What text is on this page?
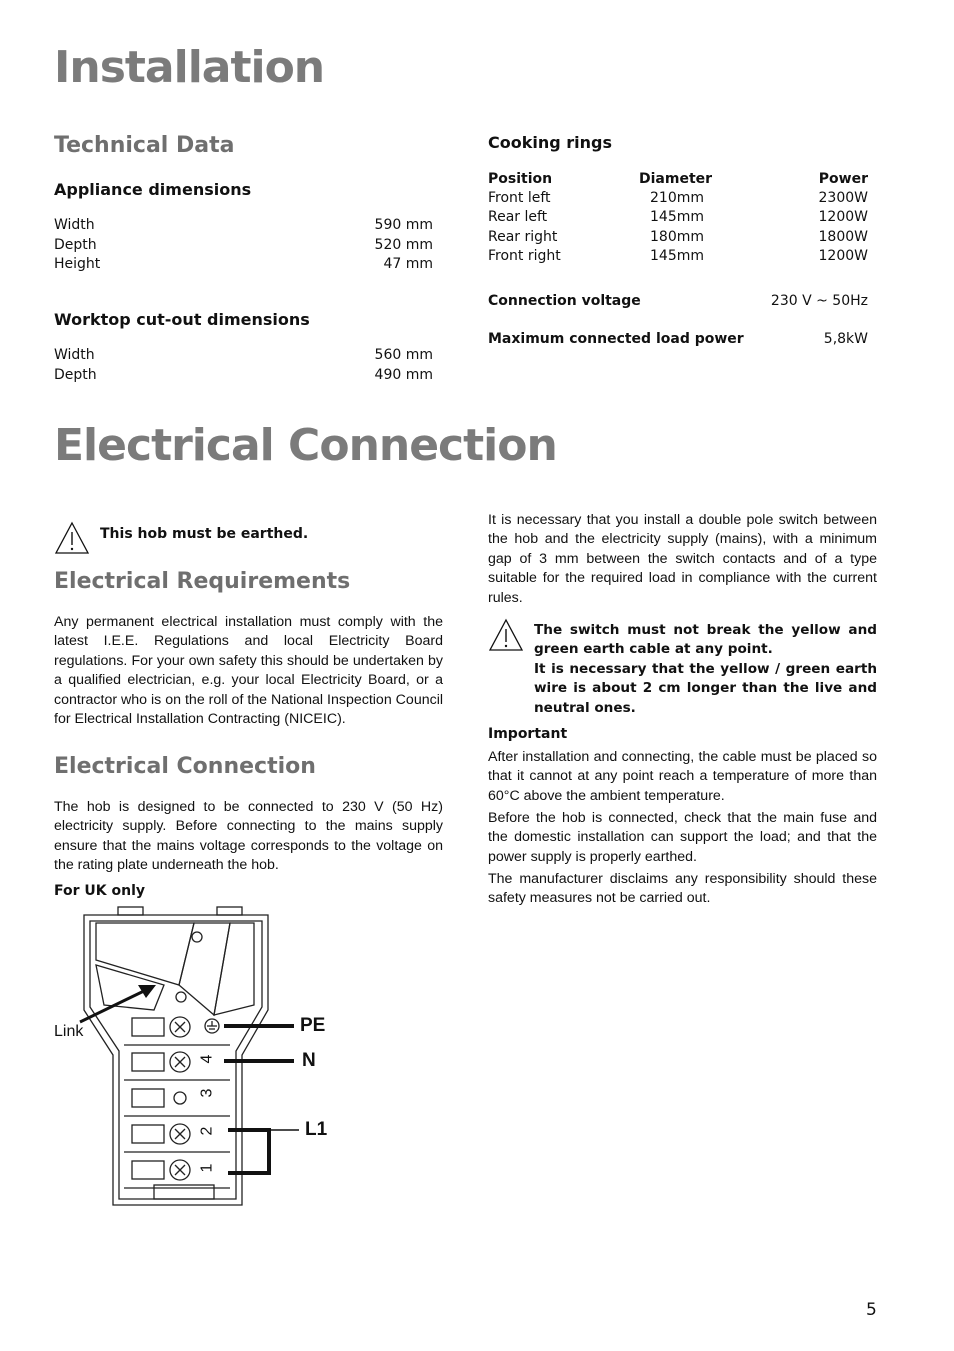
Installation
Technical Data
Appliance dimensions
Width	590 mm
Depth	520 mm
Height	47 mm
Worktop cut-out dimensions
Width	560 mm
Depth	490 mm
Cooking rings
Position	Diameter	Power
Front left	210mm	2300W
Rear left	145mm	1200W
Rear right	180mm	1800W
Front right	145mm	1200W
Connection voltage	230 V ~ 50Hz
Maximum connected load power	5,8kW
Electrical Connection
This hob must be earthed.
Electrical Requirements
Any permanent electrical installation must comply with the latest I.E.E. Regulations and local Electricity Board regulations. For your own safety this should be undertaken by a qualified electrician, e.g. your local Electricity Board, or a contractor who is on the roll of the National Inspection Council for Electrical Installation Contracting (NICEIC).
Electrical Connection
The hob is designed to be connected to 230 V (50 Hz) electricity supply. Before connecting to the mains supply ensure that the mains voltage corresponds to the voltage on the rating plate underneath the hob.
For UK only
Link	PE
N
L1
4
3
2
1
It is necessary that you install a double pole switch between the hob and the electricity supply (mains), with a minimum gap of 3 mm between the switch contacts and of a type suitable for the required load in compliance with the current rules.
The switch must not break the yellow and green earth cable at any point.
It is necessary that the yellow / green earth wire is about 2 cm longer than the live and neutral ones.
Important
After installation and connecting, the cable must be placed so that it cannot at any point reach a temperature of more than 60°C above the ambient temperature.
Before the hob is connected, check that the main fuse and the domestic installation can support the load; and that the power supply is properly earthed.
The manufacturer disclaims any responsibility should these safety measures not be carried out.
5
